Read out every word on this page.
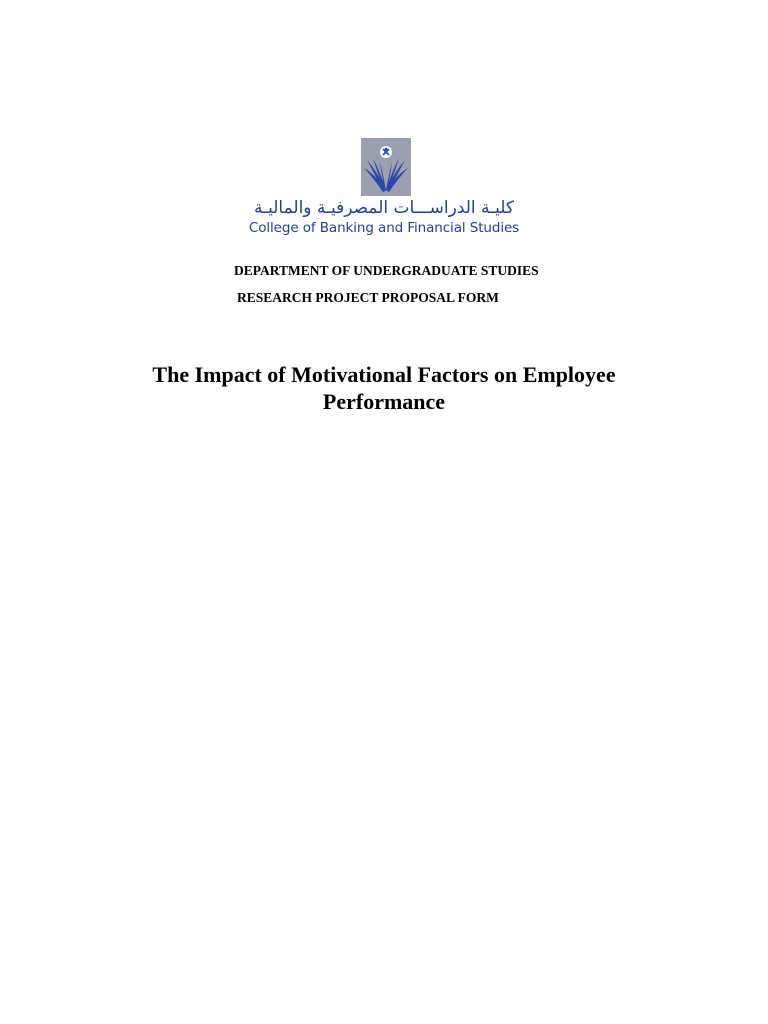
كليـة الدراســـات المصرفيـة والماليـة
College of Banking and Financial Studies
DEPARTMENT OF UNDERGRADUATE STUDIES
RESEARCH PROJECT PROPOSAL FORM
The Impact of Motivational Factors on Employee
Performance
